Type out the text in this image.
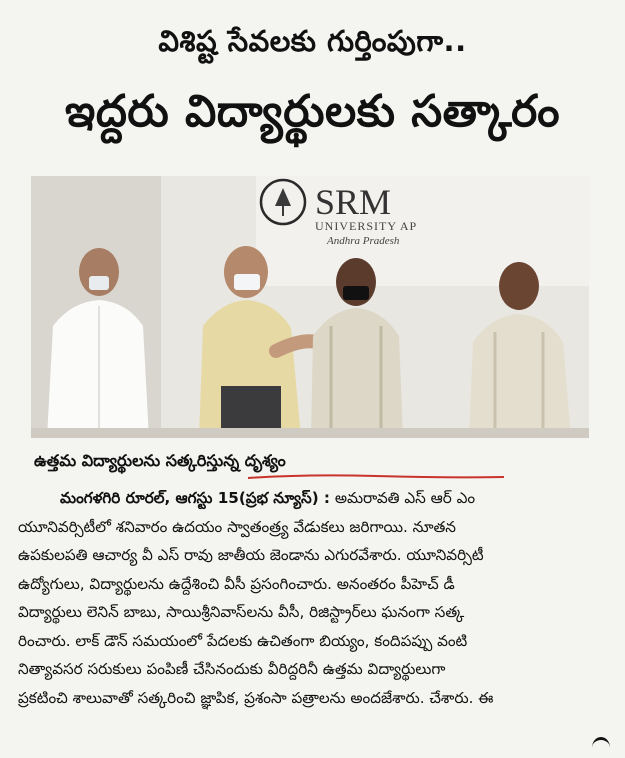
విశిష్ట సేవలకు గుర్తింపుగా..
ఇద్దరు విద్యార్థులకు సత్కారం
SRM
UNIVERSITY AP
Andhra Pradesh
ఉత్తమ విద్యార్థులను సత్కరిస్తున్న దృశ్యం
మంగళగిరి రూరల్, ఆగస్టు 15(ప్రభ న్యూస్) : అమరావతి ఎస్ ఆర్ ఎం
యూనివర్సిటీలో శనివారం ఉదయం స్వాతంత్ర్య వేడుకలు జరిగాయి. నూతన
ఉపకులపతి ఆచార్య వీ ఎస్ రావు జాతీయ జెండాను ఎగురవేశారు. యూనివర్సిటీ
ఉద్యోగులు, విద్యార్థులను ఉద్దేశించి వీసీ ప్రసంగించారు. అనంతరం పీహెచ్ డీ
విద్యార్థులు లెనిన్ బాబు, సాయిశ్రీనివాస్‌లను వీసీ, రిజిస్ట్రార్‌లు ఘనంగా సత్క
రించారు. లాక్ డౌన్ సమయంలో పేదలకు ఉచితంగా బియ్యం, కందిపప్పు వంటి
నిత్యావసర సరుకులు పంపిణీ చేసినందుకు వీరిద్దరినీ ఉత్తమ విద్యార్థులుగా
ప్రకటించి శాలువాతో సత్కరించి జ్ఞాపిక, ప్రశంసా పత్రాలను అందజేశారు. చేశారు. ఈ
